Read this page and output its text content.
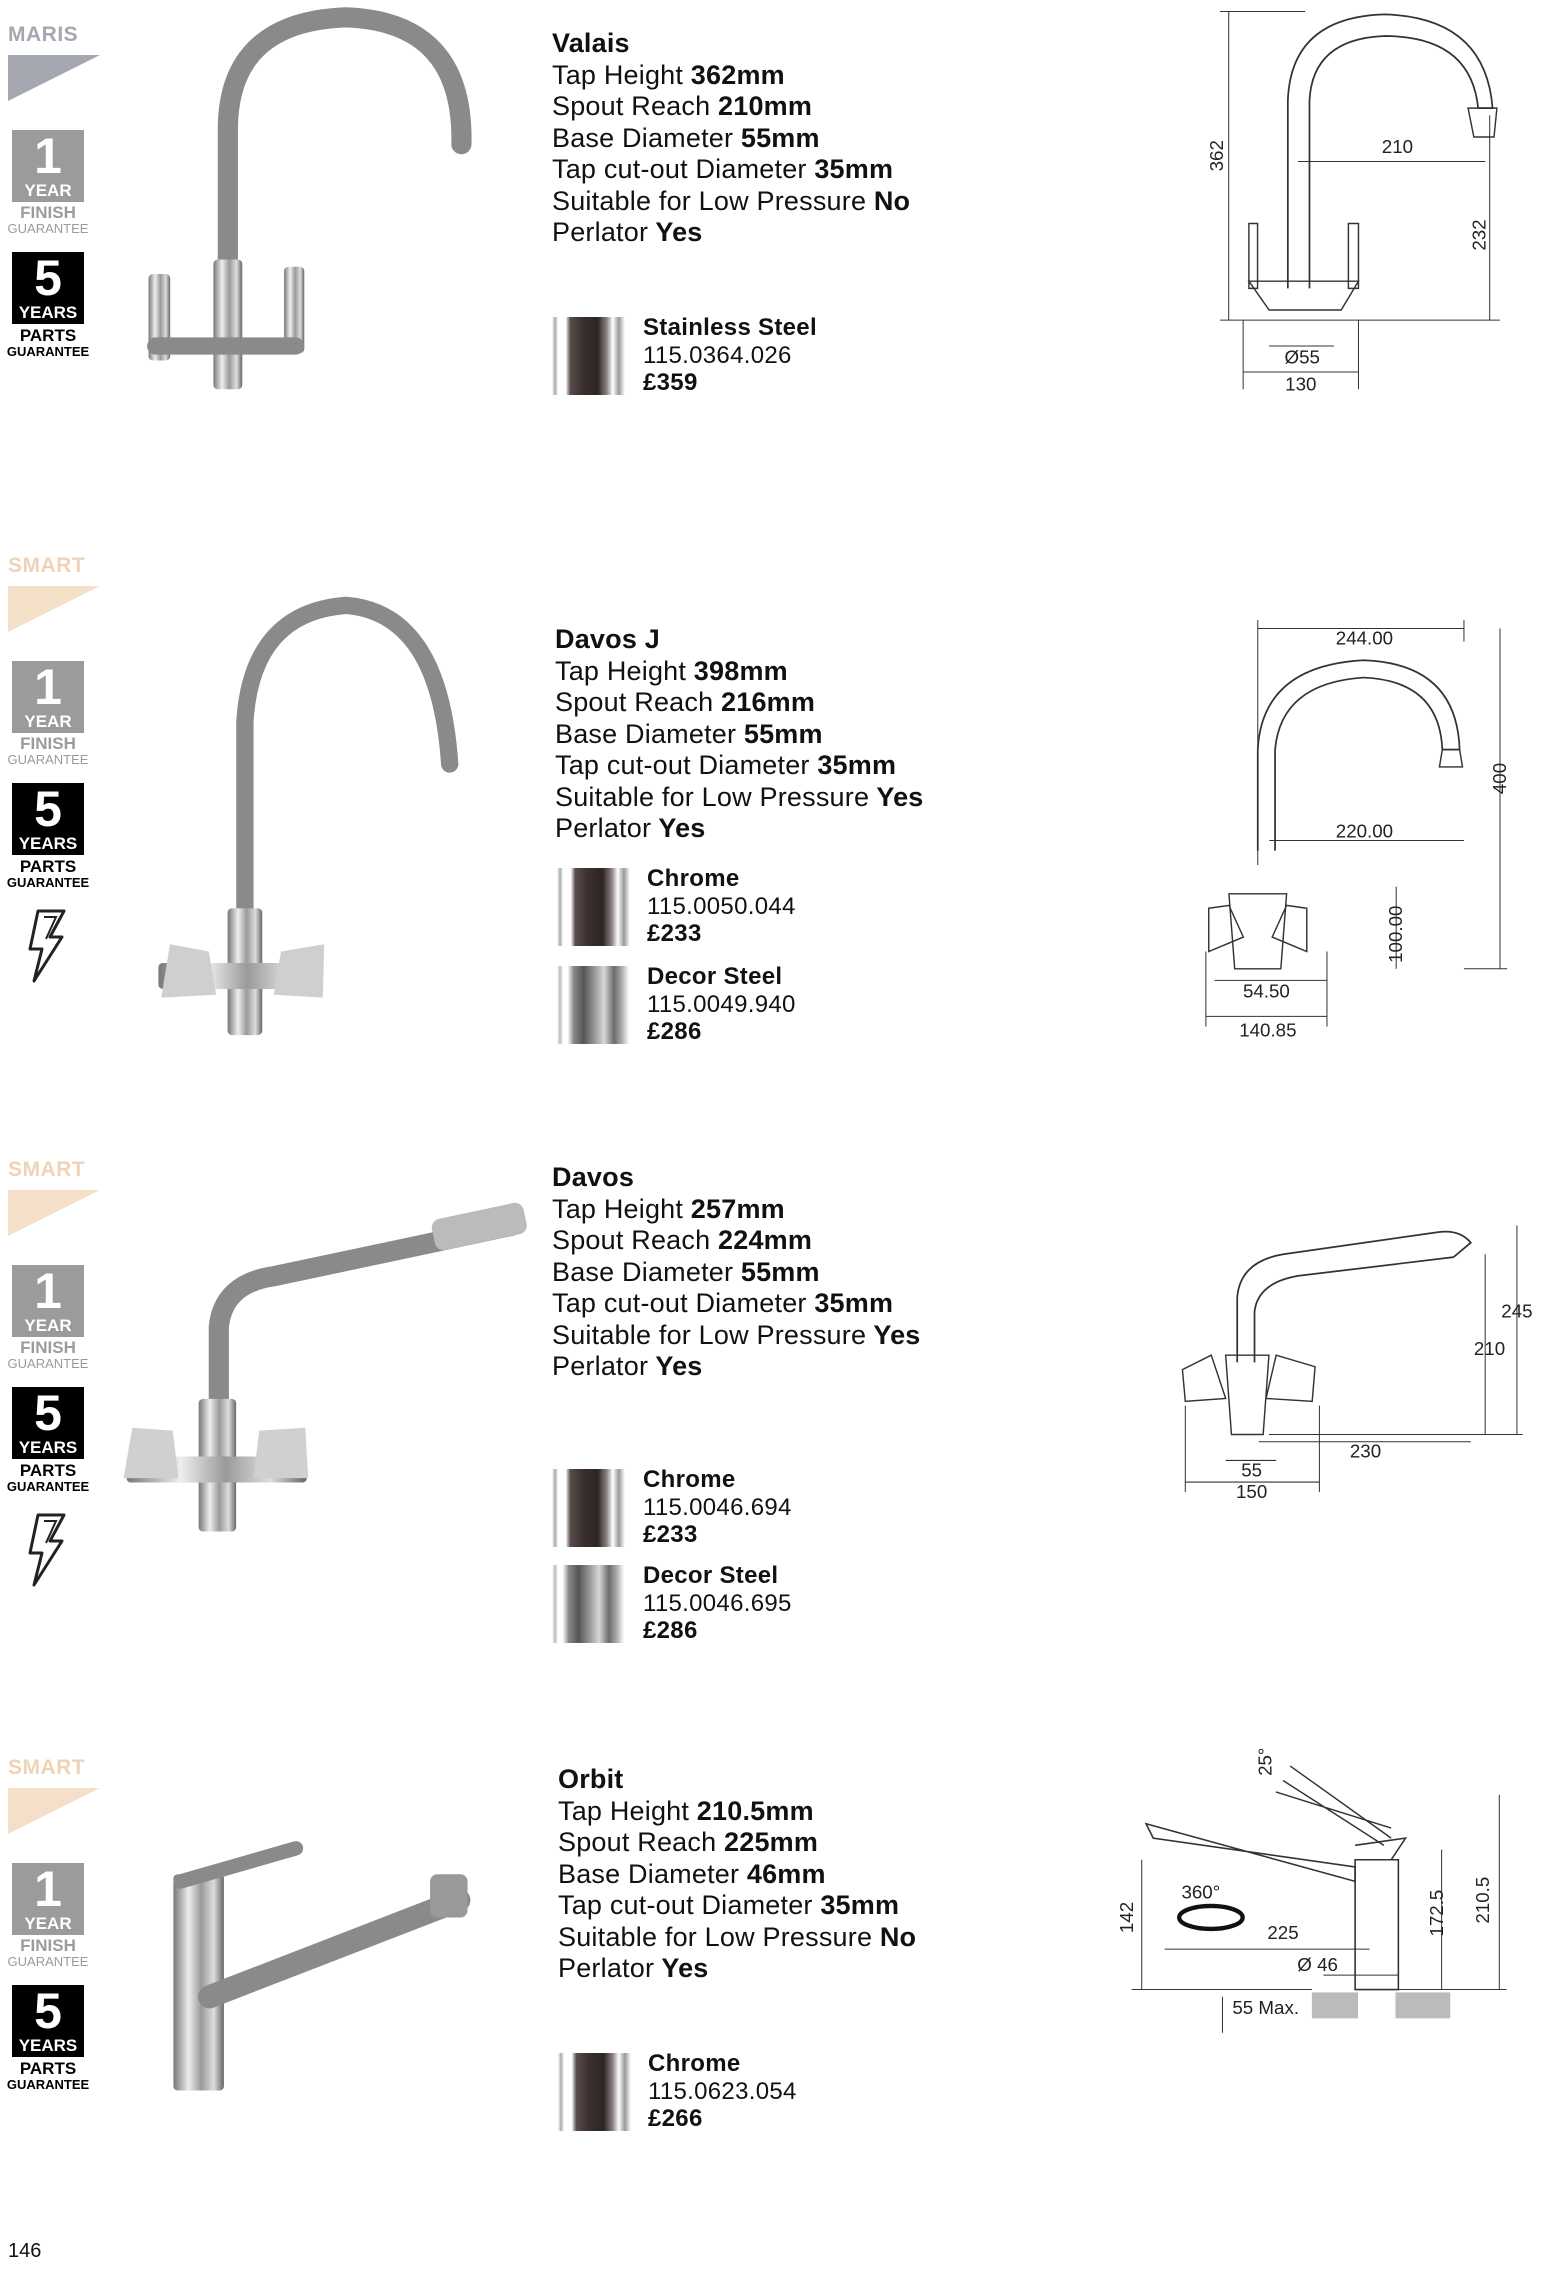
MARIS
1
YEAR
FINISH
GUARANTEE
5
YEARS
PARTS
GUARANTEE
Valais
Tap Height 362mm
Spout Reach 210mm
Base Diameter 55mm
Tap cut-out Diameter 35mm
Suitable for Low Pressure No
Perlator Yes
Stainless Steel
115.0364.026
£359
362	210
232
Ø55
130
SMART
1
YEAR
FINISH
GUARANTEE
5
YEARS
PARTS
GUARANTEE
Davos J
Tap Height 398mm
Spout Reach 216mm
Base Diameter 55mm
Tap cut-out Diameter 35mm
Suitable for Low Pressure Yes
Perlator Yes
Chrome
115.0050.044
£233
Decor Steel
115.0049.940
£286
244.00
400
220.00
100.00
54.50
140.85
SMART
1
YEAR
FINISH
GUARANTEE
5
YEARS
PARTS
GUARANTEE
Davos
Tap Height 257mm
Spout Reach 224mm
Base Diameter 55mm
Tap cut-out Diameter 35mm
Suitable for Low Pressure Yes
Perlator Yes
Chrome
115.0046.694
£233
Decor Steel
115.0046.695
£286
245
210
230
55
150
SMART
1
YEAR
FINISH
GUARANTEE
5
YEARS
PARTS
GUARANTEE
Orbit
Tap Height 210.5mm
Spout Reach 225mm
Base Diameter 46mm
Tap cut-out Diameter 35mm
Suitable for Low Pressure No
Perlator Yes
Chrome
115.0623.054
£266
25°
360°
225
142
Ø 46
172.5 210.5
55 Max.
146
